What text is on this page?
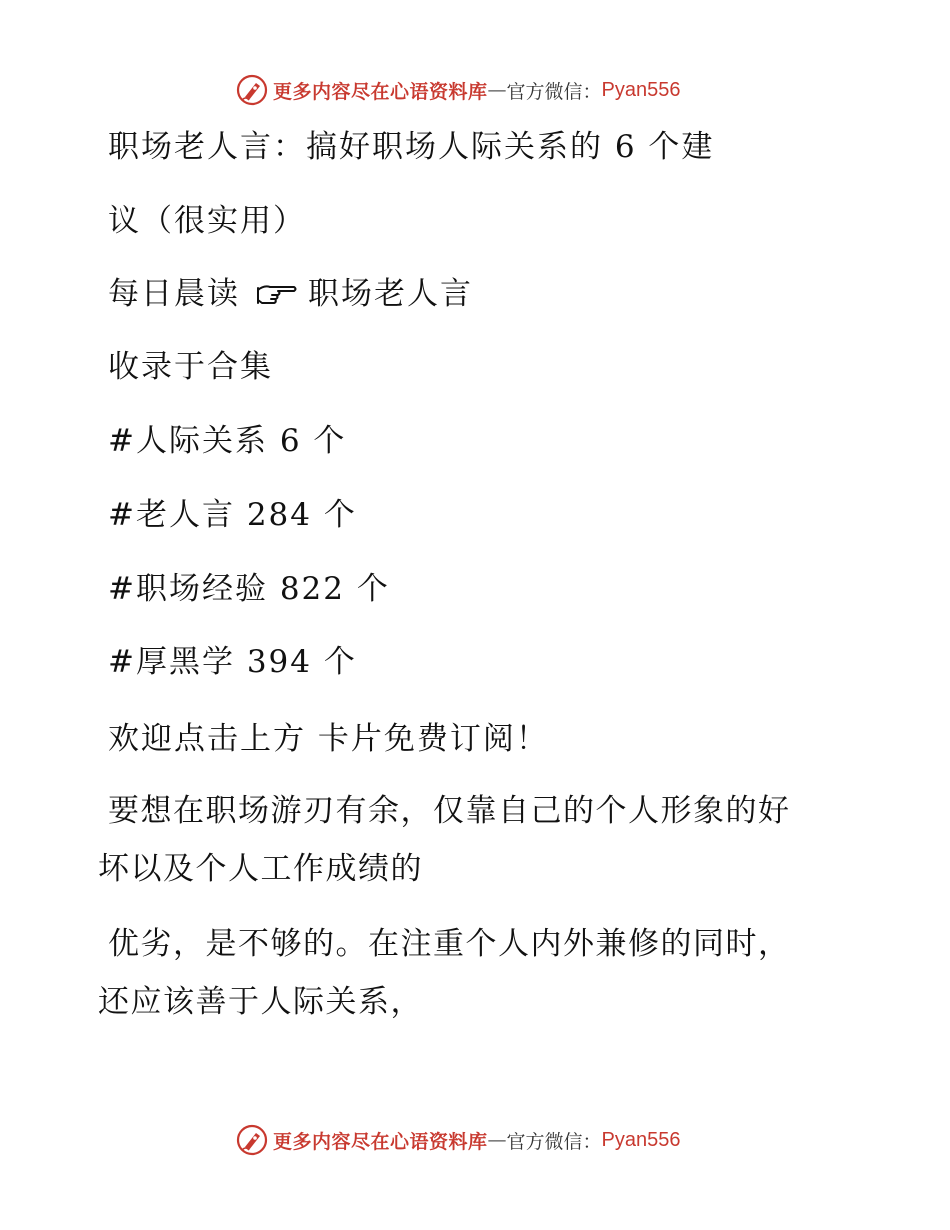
更多内容尽在心语资料库 — 官方微信： Pyan556
职场老人言：搞好职场人际关系的 6 个建
议（很实用）
每日晨读 职场老人言
收录于合集
#人际关系 6 个
#老人言 284 个
#职场经验 822 个
#厚黑学 394 个
欢迎点击上方 卡片免费订阅！
要想在职场游刃有余，仅靠自己的个人形象的好
坏以及个人工作成绩的
优劣，是不够的。在注重个人内外兼修的同时，
还应该善于人际关系，
更多内容尽在心语资料库 — 官方微信： Pyan556
